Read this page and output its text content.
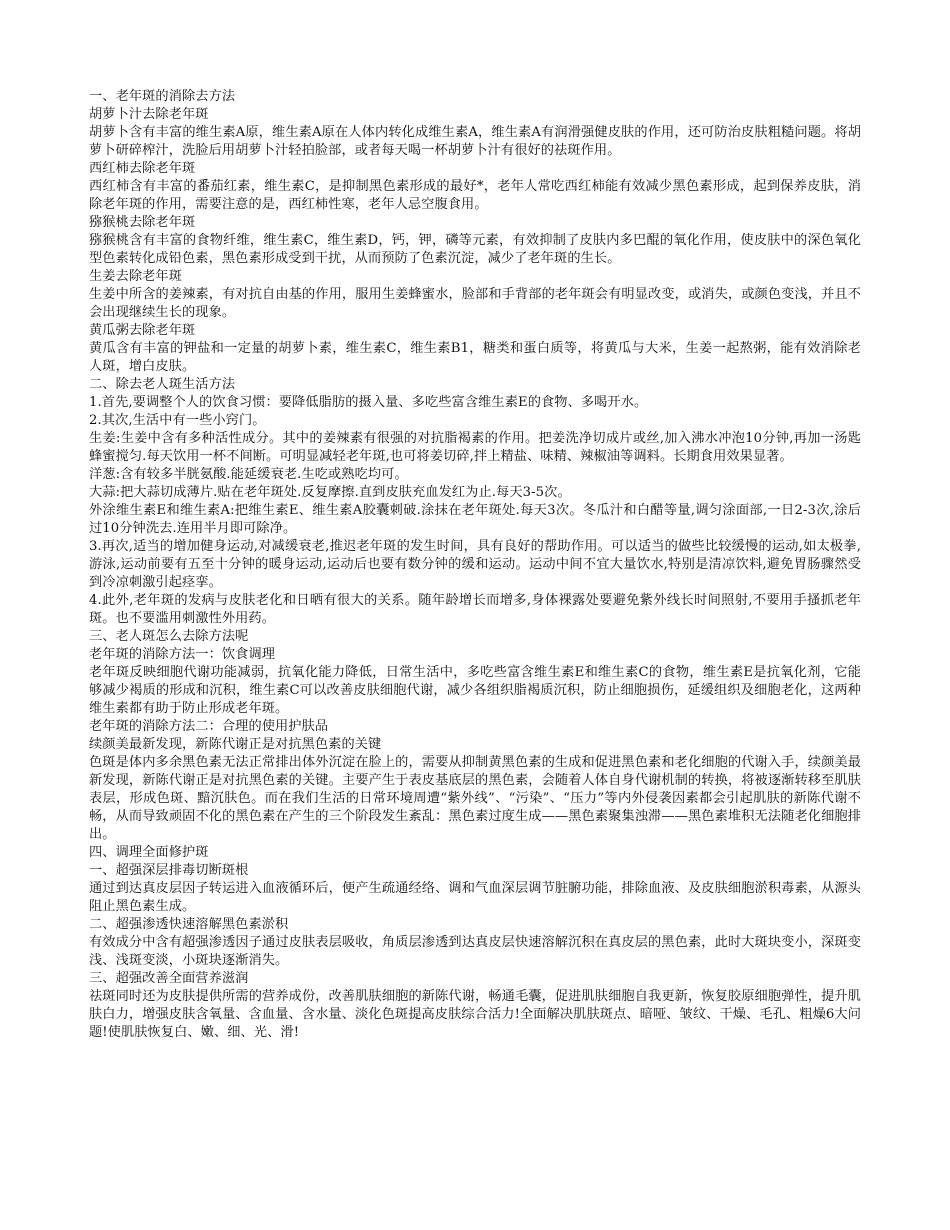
一、老年斑的消除去方法

胡萝卜汁去除老年斑

胡萝卜含有丰富的维生素A原，维生素A原在人体内转化成维生素A，维生素A有润滑强健皮肤的作用，还可防治皮肤粗糙问题。将胡萝卜研碎榨汁，洗脸后用胡萝卜汁轻拍脸部，或者每天喝一杯胡萝卜汁有很好的祛斑作用。

西红柿去除老年斑

西红柿含有丰富的番茄红素，维生素C，是抑制黑色素形成的最好*，老年人常吃西红柿能有效减少黑色素形成，起到保养皮肤，消除老年斑的作用，需要注意的是，西红柿性寒，老年人忌空腹食用。

猕猴桃去除老年斑

猕猴桃含有丰富的食物纤维，维生素C，维生素D，钙，钾，磷等元素，有效抑制了皮肤内多巴醌的氧化作用，使皮肤中的深色氧化型色素转化成铅色素，黑色素形成受到干扰，从而预防了色素沉淀，减少了老年斑的生长。

生姜去除老年斑

生姜中所含的姜辣素，有对抗自由基的作用，服用生姜蜂蜜水，脸部和手背部的老年斑会有明显改变，或消失，或颜色变浅，并且不会出现继续生长的现象。

黄瓜粥去除老年斑

黄瓜含有丰富的钾盐和一定量的胡萝卜素，维生素C，维生素B1，糖类和蛋白质等，将黄瓜与大米，生姜一起熬粥，能有效消除老人斑，增白皮肤。

二、除去老人斑生活方法

1.首先,要调整个人的饮食习惯：要降低脂肪的摄入量、多吃些富含维生素E的食物、多喝开水。

2.其次,生活中有一些小窍门。

生姜:生姜中含有多种活性成分。其中的姜辣素有很强的对抗脂褐素的作用。把姜洗净切成片或丝,加入沸水冲泡10分钟,再加一汤匙蜂蜜搅匀.每天饮用一杯不间断。可明显减轻老年斑,也可将姜切碎,拌上精盐、味精、辣椒油等调料。长期食用效果显著。

洋葱:含有较多半胱氨酸.能延缓衰老.生吃或熟吃均可。

大蒜:把大蒜切成薄片.贴在老年斑处.反复摩擦.直到皮肤充血发红为止.每天3-5次。

外涂维生素E和维生素A:把维生素E、维生素A胶囊刺破.涂抹在老年斑处.每天3次。冬瓜汁和白醋等量,调匀涂面部,一日2-3次,涂后过10分钟洗去.连用半月即可除净。

3.再次,适当的增加健身运动,对减缓衰老,推迟老年斑的发生时间，具有良好的帮助作用。可以适当的做些比较缓慢的运动,如太极拳,游泳,运动前要有五至十分钟的暖身运动,运动后也要有数分钟的缓和运动。运动中间不宜大量饮水,特别是清凉饮料,避免胃肠骤然受到冷凉刺激引起痉挛。

4.此外,老年斑的发病与皮肤老化和日晒有很大的关系。随年龄增长而增多,身体裸露处要避免紫外线长时间照射,不要用手搔抓老年斑。也不要滥用刺激性外用药。

三、老人斑怎么去除方法呢

老年斑的消除方法一：饮食调理

老年斑反映细胞代谢功能减弱，抗氧化能力降低，日常生活中，多吃些富含维生素E和维生素C的食物，维生素E是抗氧化剂，它能够减少褐质的形成和沉积，维生素C可以改善皮肤细胞代谢，减少各组织脂褐质沉积，防止细胞损伤，延缓组织及细胞老化，这两种维生素都有助于防止形成老年斑。

老年斑的消除方法二：合理的使用护肤品

续颜美最新发现，新陈代谢正是对抗黑色素的关键

色斑是体内多余黑色素无法正常排出体外沉淀在脸上的，需要从抑制黄黑色素的生成和促进黑色素和老化细胞的代谢入手，续颜美最新发现，新陈代谢正是对抗黑色素的关键。主要产生于表皮基底层的黑色素，会随着人体自身代谢机制的转换，将被逐渐转移至肌肤表层，形成色斑、黯沉肤色。而在我们生活的日常环境周遭“紫外线”、“污染”、“压力”等内外侵袭因素都会引起肌肤的新陈代谢不畅，从而导致顽固不化的黑色素在产生的三个阶段发生紊乱：黑色素过度生成——黑色素聚集浊滞——黑色素堆积无法随老化细胞排出。

四、调理全面修护斑

一、超强深层排毒切断斑根

通过到达真皮层因子转运进入血液循环后，便产生疏通经络、调和气血深层调节脏腑功能，排除血液、及皮肤细胞淤积毒素，从源头阻止黑色素生成。

二、超强渗透快速溶解黑色素淤积

有效成分中含有超强渗透因子通过皮肤表层吸收，角质层渗透到达真皮层快速溶解沉积在真皮层的黑色素，此时大斑块变小，深斑变浅、浅斑变淡，小斑块逐渐消失。

三、超强改善全面营养滋润

祛斑同时还为皮肤提供所需的营养成份，改善肌肤细胞的新陈代谢，畅通毛囊，促进肌肤细胞自我更新，恢复胶原细胞弹性，提升肌肤白力，增强皮肤含氧量、含血量、含水量、淡化色斑提高皮肤综合活力!全面解决肌肤斑点、暗哑、皱纹、干燥、毛孔、粗燥6大问题!使肌肤恢复白、嫩、细、光、滑!
